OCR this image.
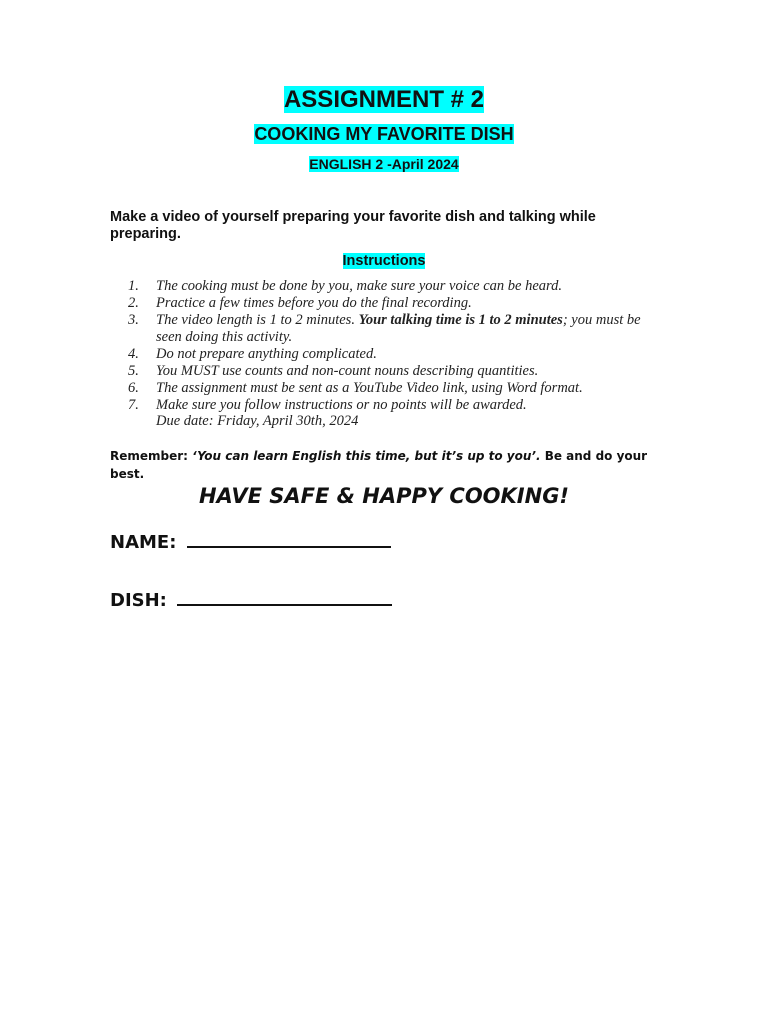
ASSIGNMENT # 2
COOKING MY FAVORITE DISH
ENGLISH 2 -April 2024
Make a video of yourself preparing your favorite dish and talking while preparing.
Instructions
1.	The cooking must be done by you, make sure your voice can be heard.
2.	Practice a few times before you do the final recording.
3.	The video length is 1 to 2 minutes. Your talking time is 1 to 2 minutes; you must be seen doing this activity.
4.	Do not prepare anything complicated.
5.	You MUST use counts and non-count nouns describing quantities.
6.	The assignment must be sent as a YouTube Video link, using Word format.
7.	Make sure you follow instructions or no points will be awarded.
Due date: Friday, April 30th, 2024
Remember: ‘You can learn English this time, but it’s up to you’. Be and do your best.
HAVE SAFE & HAPPY COOKING!
NAME:
DISH:
